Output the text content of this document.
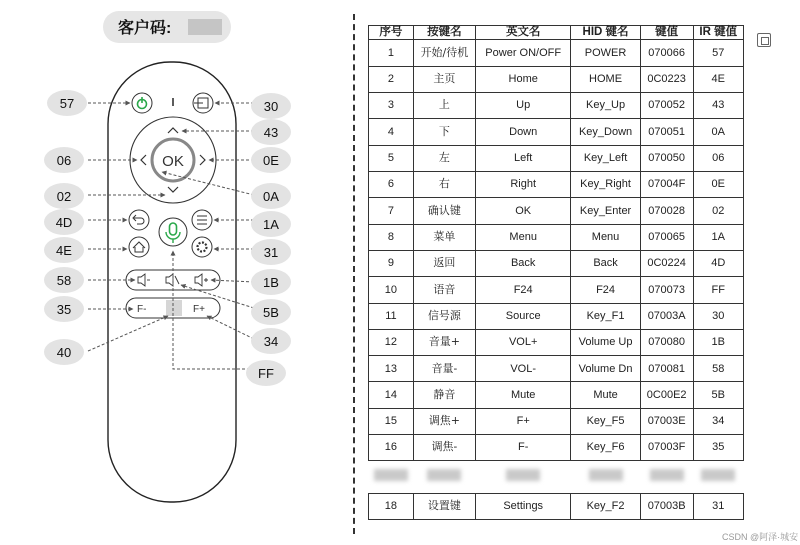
客户码:
OK
F-	F+
57	30
43
06	0E
02	0A
4D	1A
4E	31
58	1B
35	5B
34
40
FF
序号	按键名	英文名	HID 键名	键值	IR 键值
1	开始/待机	Power ON/OFF	POWER	070066	57
2	主页	Home	HOME	0C0223	4E
3	上	Up	Key_Up	070052	43
4	下	Down	Key_Down	070051	0A
5	左	Left	Key_Left	070050	06
6	右	Right	Key_Right	07004F	0E
7	确认键	OK	Key_Enter	070028	02
8	菜单	Menu	Menu	070065	1A
9	返回	Back	Back	0C0224	4D
10	语音	F24	F24	070073	FF
11	信号源	Source	Key_F1	07003A	30
12	音量+	VOL+	Volume Up	070080	1B
13	音量-	VOL-	Volume Dn	070081	58
14	静音	Mute	Mute	0C00E2	5B
15	调焦+	F+	Key_F5	07003E	34
16	调焦-	F-	Key_F6	07003F	35

18	设置键	Settings	Key_F2	07003B	31
CSDN @阿泽·城安
